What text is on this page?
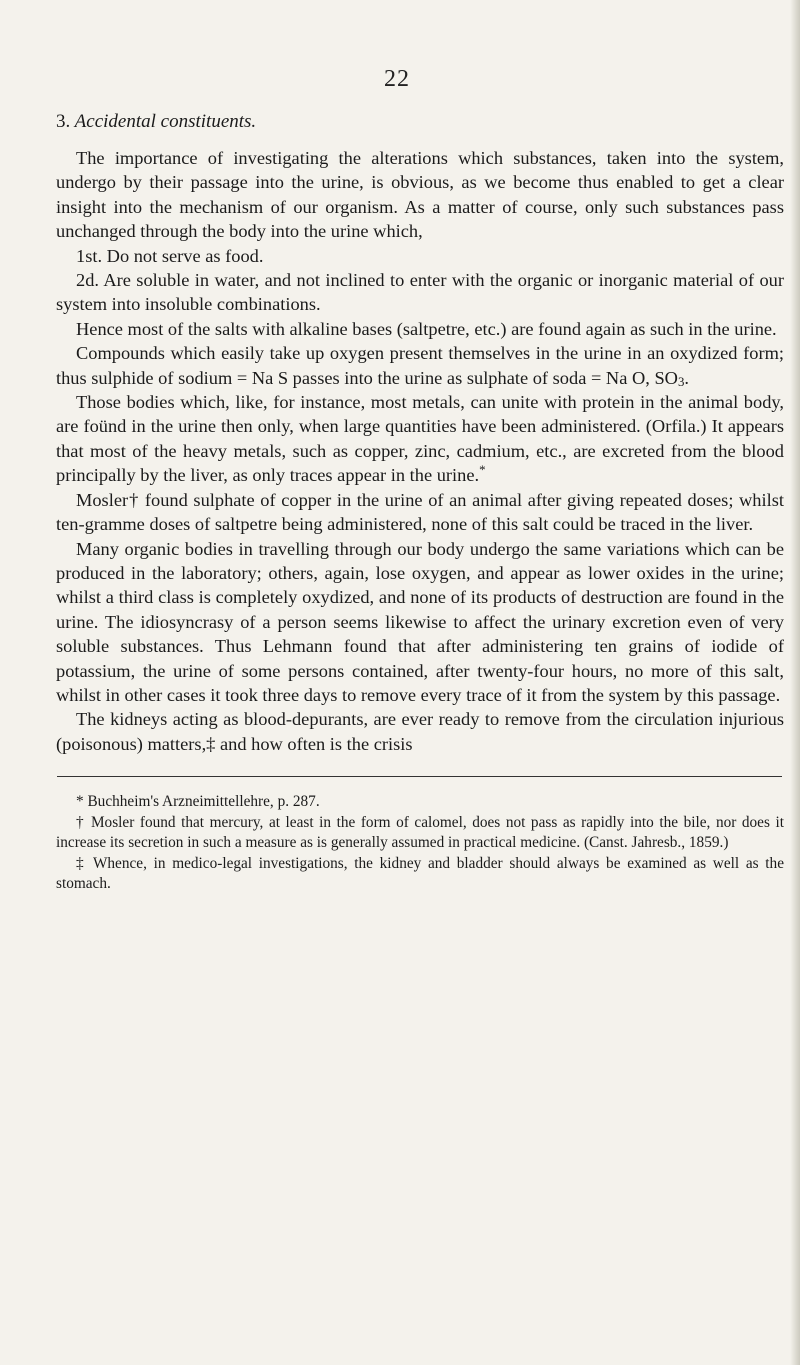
22
3. Accidental constituents.

The importance of investigating the alterations which substances, taken into the system, undergo by their passage into the urine, is obvious, as we become thus enabled to get a clear insight into the mechanism of our organism. As a matter of course, only such substances pass unchanged through the body into the urine which,

1st. Do not serve as food.

2d. Are soluble in water, and not inclined to enter with the organic or inorganic material of our system into insoluble combinations.

Hence most of the salts with alkaline bases (saltpetre, etc.) are found again as such in the urine.

Compounds which easily take up oxygen present themselves in the urine in an oxydized form; thus sulphide of sodium = Na S passes into the urine as sulphate of soda = Na O, $SO_3$.

Those bodies which, like, for instance, most metals, can unite with protein in the animal body, are foünd in the urine then only, when large quantities have been administered. (Orfila.) It appears that most of the heavy metals, such as copper, zinc, cadmium, etc., are excreted from the blood principally by the liver, as only traces appear in the urine.*

Mosler† found sulphate of copper in the urine of an animal after giving repeated doses; whilst ten-gramme doses of saltpetre being administered, none of this salt could be traced in the liver.

Many organic bodies in travelling through our body undergo the same variations which can be produced in the laboratory; others, again, lose oxygen, and appear as lower oxides in the urine; whilst a third class is completely oxydized, and none of its products of destruction are found in the urine. The idiosyncrasy of a person seems likewise to affect the urinary excretion even of very soluble substances. Thus Lehmann found that after administering ten grains of iodide of potassium, the urine of some persons contained, after twenty-four hours, no more of this salt, whilst in other cases it took three days to remove every trace of it from the system by this passage.

The kidneys acting as blood-depurants, are ever ready to remove from the circulation injurious (poisonous) matters,‡ and how often is the crisis

* Buchheim's Arzneimittellehre, p. 287.

† Mosler found that mercury, at least in the form of calomel, does not pass as rapidly into the bile, nor does it increase its secretion in such a measure as is generally assumed in practical medicine. (Canst. Jahresb., 1859.)

‡ Whence, in medico-legal investigations, the kidney and bladder should always be examined as well as the stomach.
